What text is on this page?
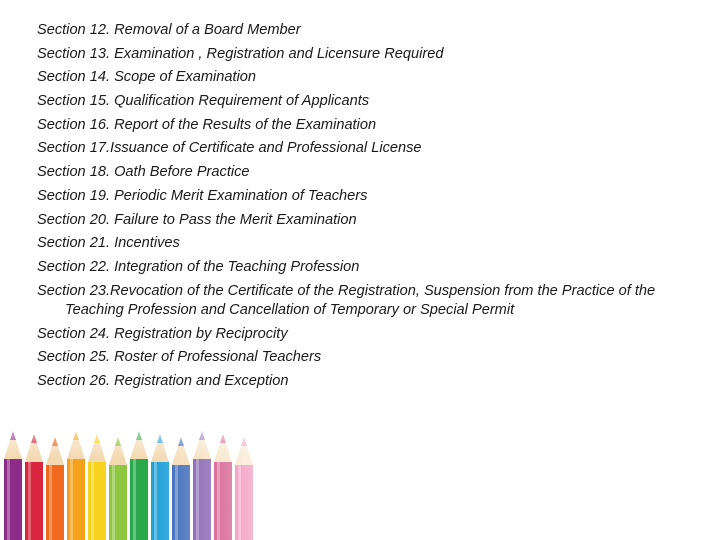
Section 12. Removal of a Board Member
Section 13. Examination , Registration and Licensure Required
Section 14. Scope of Examination
Section 15. Qualification Requirement of Applicants
Section 16. Report of the Results of the Examination
Section 17.Issuance of Certificate and Professional License
Section 18. Oath Before Practice
Section 19. Periodic Merit Examination of Teachers
Section 20. Failure to Pass the Merit Examination
Section 21. Incentives
Section 22. Integration of the Teaching Profession
Section 23.Revocation of the Certificate of the Registration, Suspension from the Practice of the Teaching Profession and Cancellation of Temporary or Special Permit
Section 24. Registration by Reciprocity
Section 25. Roster of Professional Teachers
Section 26. Registration and Exception
